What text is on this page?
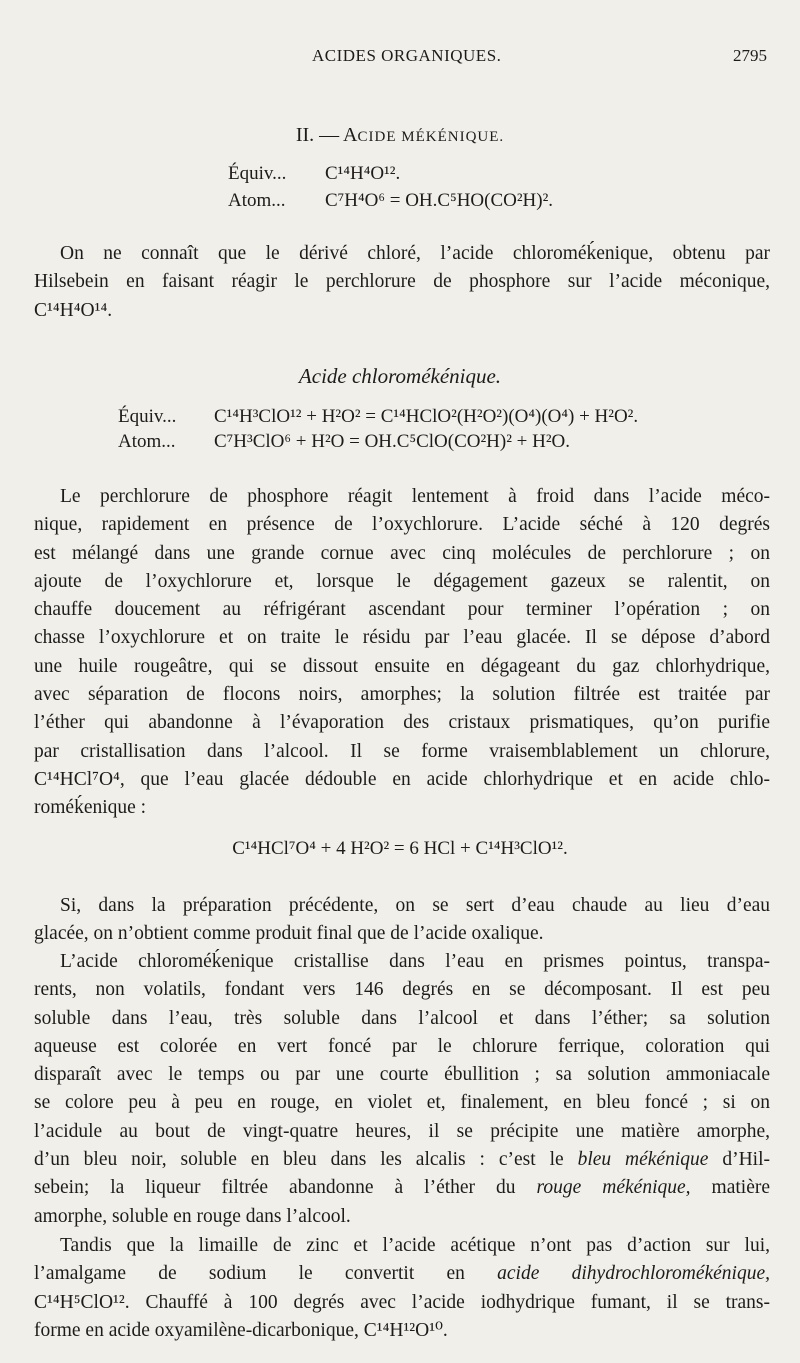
ACIDES ORGANIQUES.	2795
II. — ACIDE MÉKÉNIQUE.
Équiv... C¹⁴H⁴O¹².
Atom... C⁷H⁴O⁶ = OH.C⁵HO(CO²H)².
On ne connaît que le dérivé chloré, l’acide chloroméḱenique, obtenu par
Hilsebein en faisant réagir le perchlorure de phosphore sur l’acide méconique,
C¹⁴H⁴O¹⁴.
Acide chloromékénique.
Équiv... C¹⁴H³ClO¹² + H²O² = C¹⁴HClO²(H²O²)(O⁴)(O⁴) + H²O².
Atom... C⁷H³ClO⁶ + H²O = OH.C⁵ClO(CO²H)² + H²O.
Le perchlorure de phosphore réagit lentement à froid dans l’acide méco-
nique, rapidement en présence de l’oxychlorure. L’acide séché à 120 degrés
est mélangé dans une grande cornue avec cinq molécules de perchlorure ; on
ajoute de l’oxychlorure et, lorsque le dégagement gazeux se ralentit, on
chauffe doucement au réfrigérant ascendant pour terminer l’opération ; on
chasse l’oxychlorure et on traite le résidu par l’eau glacée. Il se dépose d’abord
une huile rougeâtre, qui se dissout ensuite en dégageant du gaz chlorhydrique,
avec séparation de flocons noirs, amorphes; la solution filtrée est traitée par
l’éther qui abandonne à l’évaporation des cristaux prismatiques, qu’on purifie
par cristallisation dans l’alcool. Il se forme vraisemblablement un chlorure,
C¹⁴HCl⁷O⁴, que l’eau glacée dédouble en acide chlorhydrique et en acide chlo-
roméḱenique :
C¹⁴HCl⁷O⁴ + 4 H²O² = 6 HCl + C¹⁴H³ClO¹².
Si, dans la préparation précédente, on se sert d’eau chaude au lieu d’eau
glacée, on n’obtient comme produit final que de l’acide oxalique.
L’acide chloroméḱenique cristallise dans l’eau en prismes pointus, transpa-
rents, non volatils, fondant vers 146 degrés en se décomposant. Il est peu
soluble dans l’eau, très soluble dans l’alcool et dans l’éther; sa solution
aqueuse est colorée en vert foncé par le chlorure ferrique, coloration qui
disparaît avec le temps ou par une courte ébullition ; sa solution ammoniacale
se colore peu à peu en rouge, en violet et, finalement, en bleu foncé ; si on
l’acidule au bout de vingt-quatre heures, il se précipite une matière amorphe,
d’un bleu noir, soluble en bleu dans les alcalis : c’est le bleu mékénique d’Hil-
sebein; la liqueur filtrée abandonne à l’éther du rouge mékénique, matière
amorphe, soluble en rouge dans l’alcool.
Tandis que la limaille de zinc et l’acide acétique n’ont pas d’action sur lui,
l’amalgame de sodium le convertit en acide dihydrochloromékénique,
C¹⁴H⁵ClO¹². Chauffé à 100 degrés avec l’acide iodhydrique fumant, il se trans-
forme en acide oxyamilène-dicarbonique, C¹⁴H¹²O¹⁰.
